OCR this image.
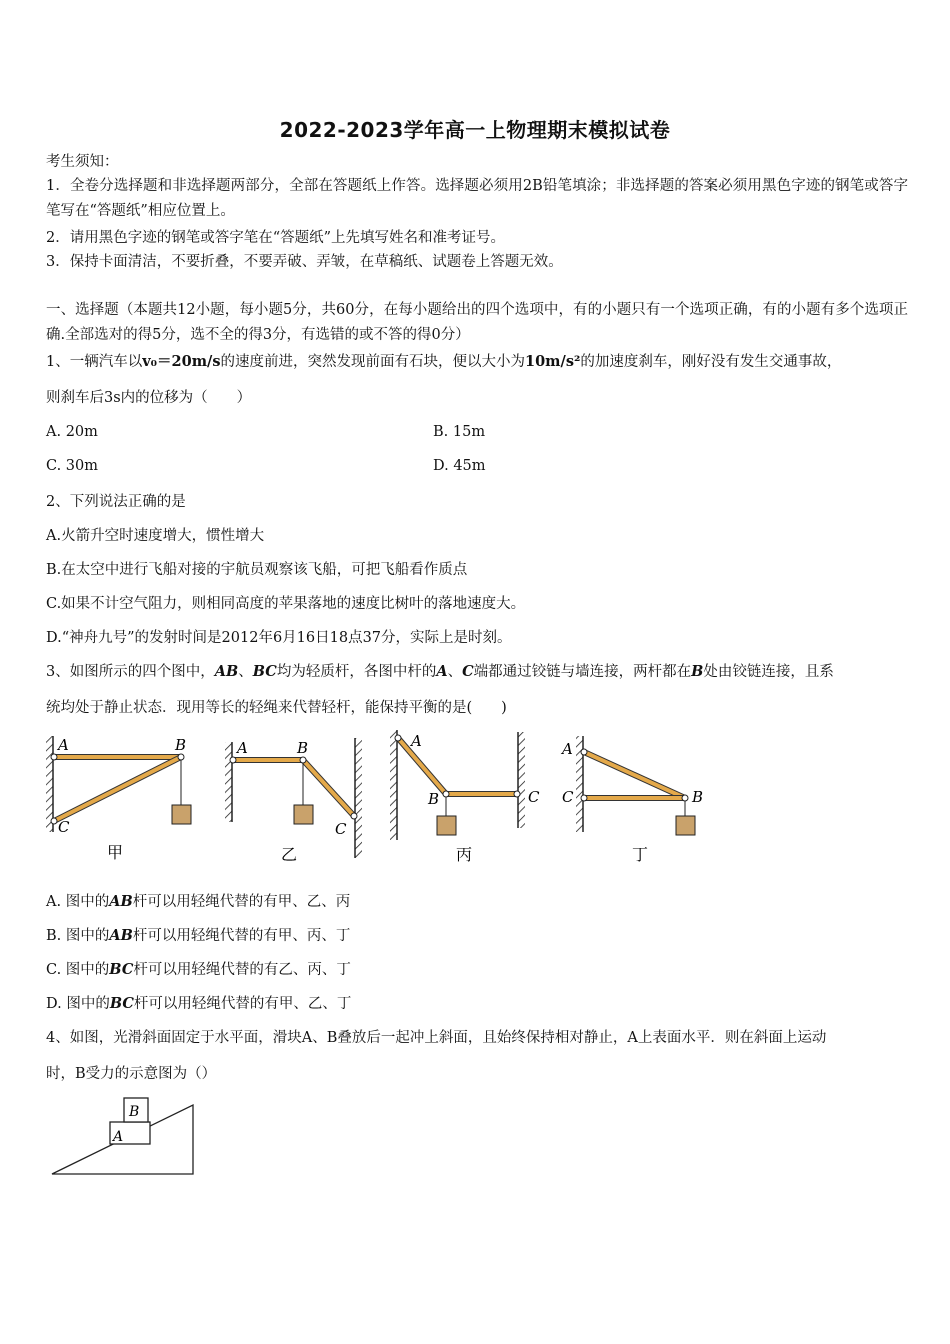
2022-2023学年高一上物理期末模拟试卷
考生须知：
1．全卷分选择题和非选择题两部分，全部在答题纸上作答。选择题必须用2B铅笔填涂；非选择题的答案必须用黑色字迹的钢笔或答字笔写在“答题纸”相应位置上。
2．请用黑色字迹的钢笔或答字笔在“答题纸”上先填写姓名和准考证号。
3．保持卡面清洁，不要折叠，不要弄破、弄皱，在草稿纸、试题卷上答题无效。
一、选择题（本题共12小题，每小题5分，共60分，在每小题给出的四个选项中，有的小题只有一个选项正确，有的小题有多个选项正确.全部选对的得5分，选不全的得3分，有选错的或不答的得0分）
1、一辆汽车以v₀＝20m/s的速度前进，突然发现前面有石块，便以大小为10m/s²的加速度刹车，刚好没有发生交通事故，
则刹车后3s内的位移为（　　）
A. 20m	B. 15m
C. 30m	D. 45m
2、下列说法正确的是
A.火箭升空时速度增大，惯性增大
B.在太空中进行飞船对接的宇航员观察该飞船，可把飞船看作质点
C.如果不计空气阻力，则相同高度的苹果落地的速度比树叶的落地速度大。
D.“神舟九号”的发射时间是2012年6月16日18点37分，实际上是时刻。
3、如图所示的四个图中，AB、BC均为轻质杆，各图中杆的A、C端都通过铰链与墙连接，两杆都在B处由铰链连接，且系
统均处于静止状态．现用等长的轻绳来代替轻杆，能保持平衡的是(　　)
A	B
C
甲
A	B
C
乙
A
B	C
丙
A
C	B
丁
A. 图中的AB杆可以用轻绳代替的有甲、乙、丙
B. 图中的AB杆可以用轻绳代替的有甲、丙、丁
C. 图中的BC杆可以用轻绳代替的有乙、丙、丁
D. 图中的BC杆可以用轻绳代替的有甲、乙、丁
4、如图，光滑斜面固定于水平面，滑块A、B叠放后一起冲上斜面，且始终保持相对静止，A上表面水平．则在斜面上运动
时，B受力的示意图为（）
A
B
